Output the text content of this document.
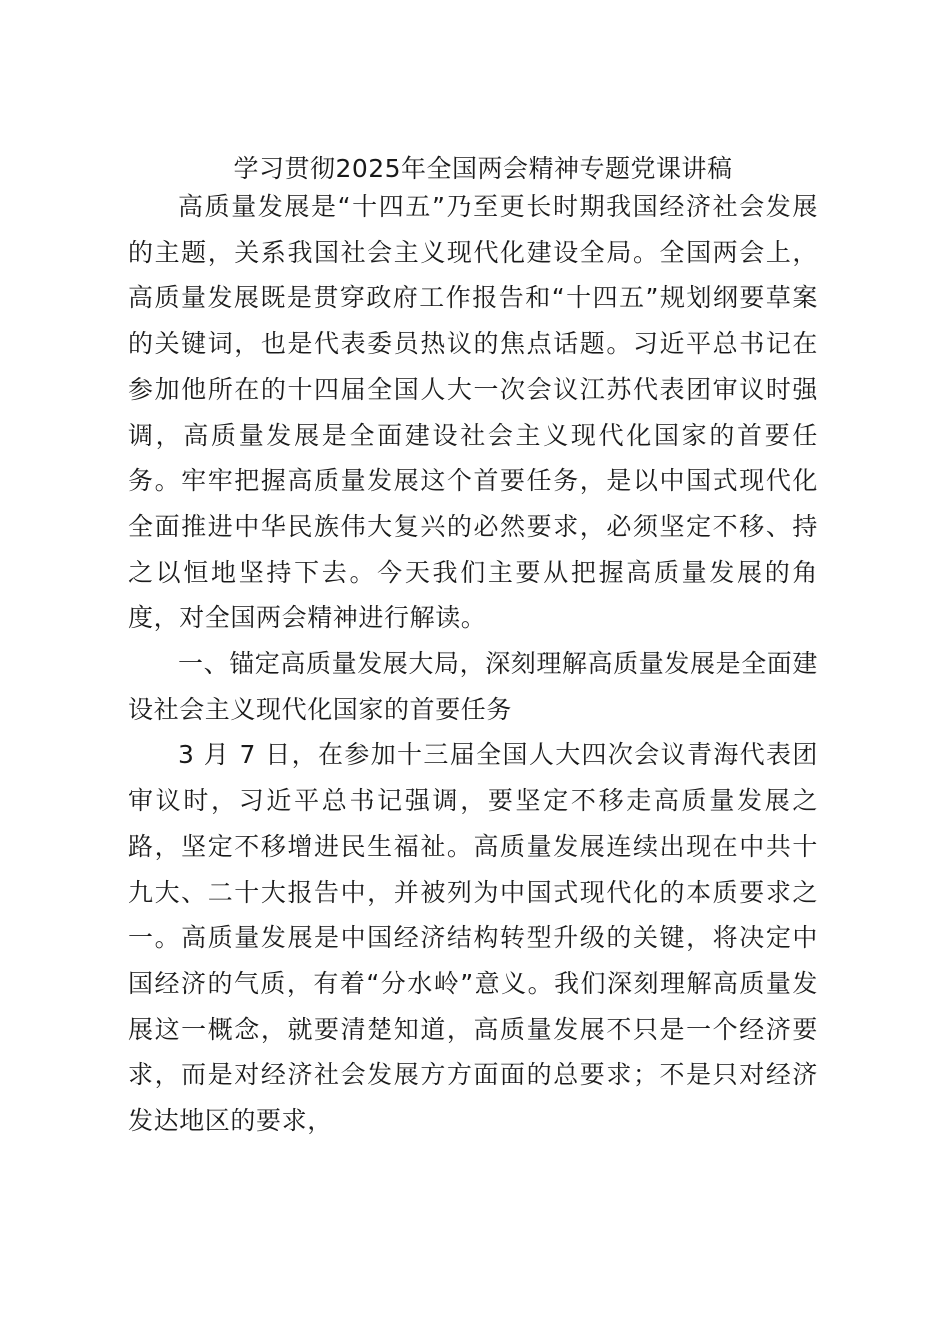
学习贯彻2025年全国两会精神专题党课讲稿

高质量发展是“十四五”乃至更长时期我国经济社会发展的主题，关系我国社会主义现代化建设全局。全国两会上，高质量发展既是贯穿政府工作报告和“十四五”规划纲要草案的关键词，也是代表委员热议的焦点话题。习近平总书记在参加他所在的十四届全国人大一次会议江苏代表团审议时强调，高质量发展是全面建设社会主义现代化国家的首要任务。牢牢把握高质量发展这个首要任务，是以中国式现代化全面推进中华民族伟大复兴的必然要求，必须坚定不移、持之以恒地坚持下去。今天我们主要从把握高质量发展的角度，对全国两会精神进行解读。

一、锚定高质量发展大局，深刻理解高质量发展是全面建设社会主义现代化国家的首要任务

3 月 7 日，在参加十三届全国人大四次会议青海代表团审议时，习近平总书记强调，要坚定不移走高质量发展之路，坚定不移增进民生福祉。高质量发展连续出现在中共十九大、二十大报告中，并被列为中国式现代化的本质要求之一。高质量发展是中国经济结构转型升级的关键，将决定中国经济的气质，有着“分水岭”意义。我们深刻理解高质量发展这一概念，就要清楚知道，高质量发展不只是一个经济要求，而是对经济社会发展方方面面的总要求；不是只对经济发达地区的要求，
